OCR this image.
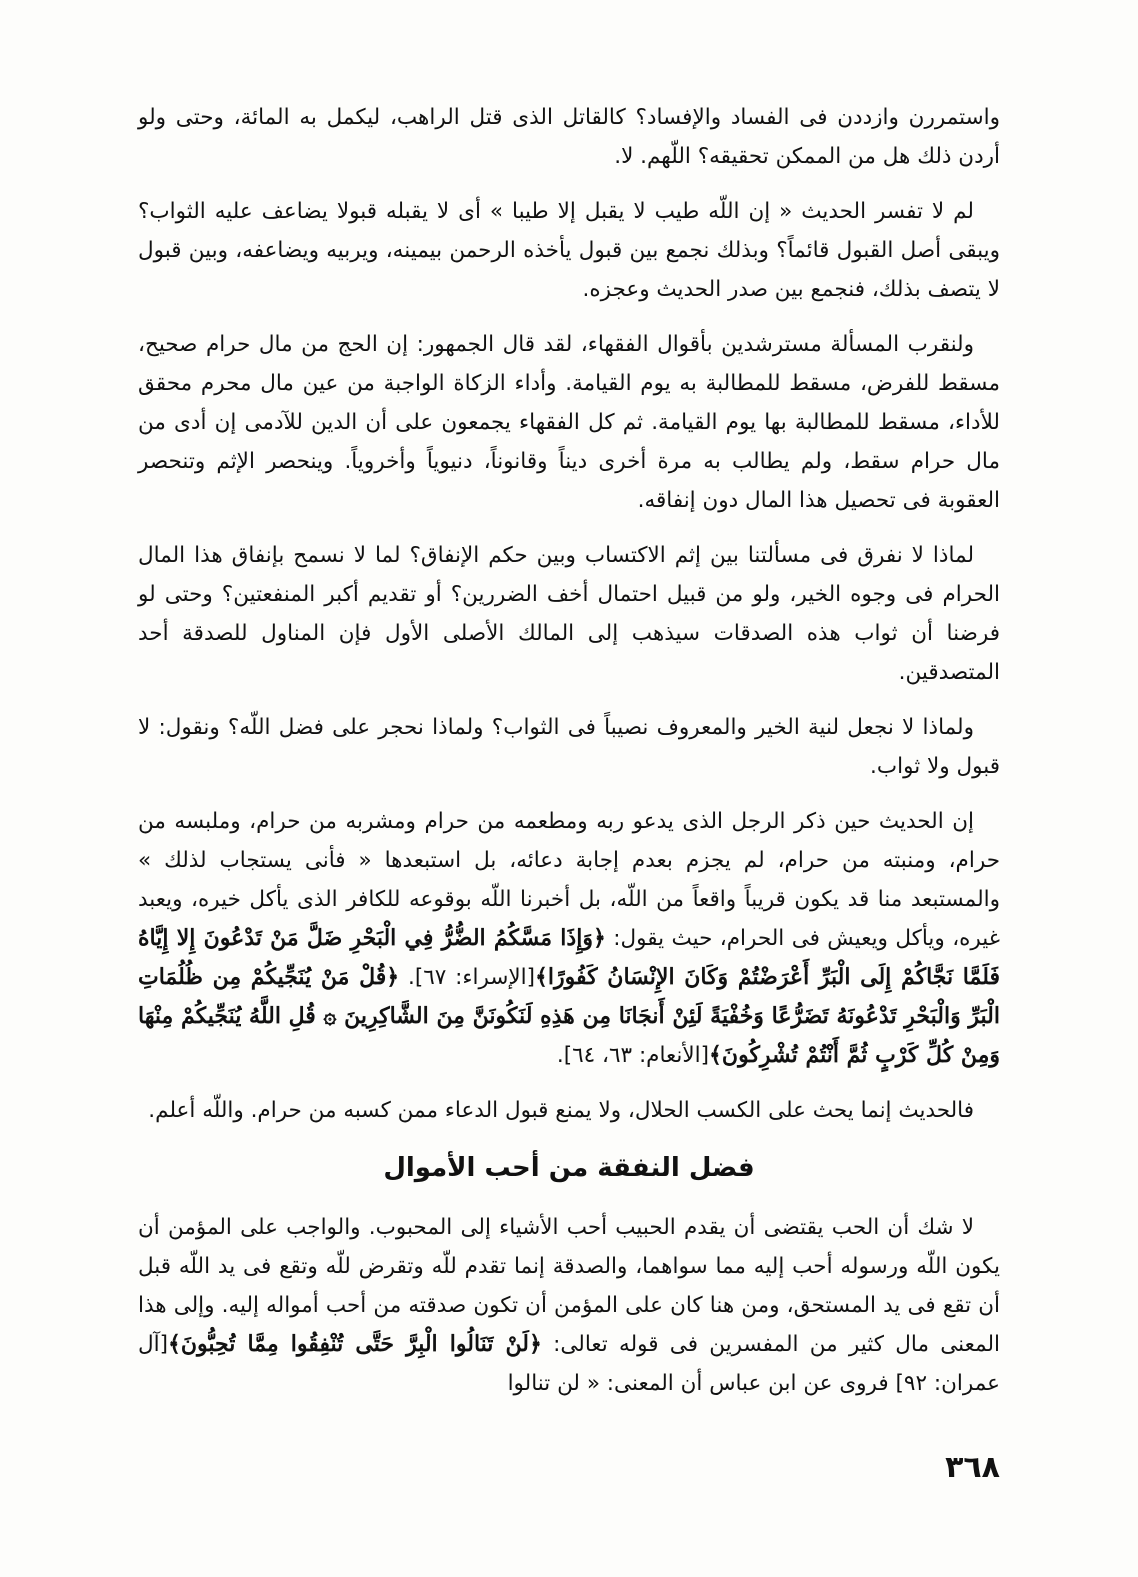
واستمررن وازددن فى الفساد والإفساد؟ كالقاتل الذى قتل الراهب، ليكمل به المائة، وحتى ولو أردن ذلك هل من الممكن تحقيقه؟ اللّهم. لا.

لم لا تفسر الحديث « إن اللّه طيب لا يقبل إلا طيبا » أى لا يقبله قبولا يضاعف عليه الثواب؟ ويبقى أصل القبول قائماً؟ وبذلك نجمع بين قبول يأخذه الرحمن بيمينه، ويربيه ويضاعفه، وبين قبول لا يتصف بذلك، فنجمع بين صدر الحديث وعجزه.

ولنقرب المسألة مسترشدين بأقوال الفقهاء، لقد قال الجمهور: إن الحج من مال حرام صحيح، مسقط للفرض، مسقط للمطالبة به يوم القيامة. وأداء الزكاة الواجبة من عين مال محرم محقق للأداء، مسقط للمطالبة بها يوم القيامة. ثم كل الفقهاء يجمعون على أن الدين للآدمى إن أدى من مال حرام سقط، ولم يطالب به مرة أخرى ديناً وقانوناً، دنيوياً وأخروياً. وينحصر الإثم وتنحصر العقوبة فى تحصيل هذا المال دون إنفاقه.

لماذا لا نفرق فى مسألتنا بين إثم الاكتساب وبين حكم الإنفاق؟ لما لا نسمح بإنفاق هذا المال الحرام فى وجوه الخير، ولو من قبيل احتمال أخف الضررين؟ أو تقديم أكبر المنفعتين؟ وحتى لو فرضنا أن ثواب هذه الصدقات سيذهب إلى المالك الأصلى الأول فإن المناول للصدقة أحد المتصدقين.

ولماذا لا نجعل لنية الخير والمعروف نصيباً فى الثواب؟ ولماذا نحجر على فضل اللّه؟ ونقول: لا قبول ولا ثواب.

إن الحديث حين ذكر الرجل الذى يدعو ربه ومطعمه من حرام ومشربه من حرام، وملبسه من حرام، ومنبته من حرام، لم يجزم بعدم إجابة دعائه، بل استبعدها « فأنى يستجاب لذلك » والمستبعد منا قد يكون قريباً واقعاً من اللّه، بل أخبرنا اللّه بوقوعه للكافر الذى يأكل خيره، ويعبد غيره، ويأكل ويعيش فى الحرام، حيث يقول: ﴿وَإِذَا مَسَّكُمُ الضُّرُّ فِي الْبَحْرِ ضَلَّ مَنْ تَدْعُونَ إِلا إِيَّاهُ فَلَمَّا نَجَّاكُمْ إِلَى الْبَرِّ أَعْرَضْتُمْ وَكَانَ الإِنْسَانُ كَفُورًا﴾[الإسراء: ٦٧]. ﴿قُلْ مَنْ يُنَجِّيكُمْ مِن ظُلُمَاتِ الْبَرِّ وَالْبَحْرِ تَدْعُونَهُ تَضَرُّعًا وَخُفْيَةً لَئِنْ أَنجَانَا مِن هَذِهِ لَنَكُونَنَّ مِنَ الشَّاكِرِينَ ۞ قُلِ اللَّهُ يُنَجِّيكُمْ مِنْهَا وَمِنْ كُلِّ كَرْبٍ ثُمَّ أَنْتُمْ تُشْرِكُونَ﴾[الأنعام: ٦٣، ٦٤].

فالحديث إنما يحث على الكسب الحلال، ولا يمنع قبول الدعاء ممن كسبه من حرام. واللّه أعلم.

فضل النفقة من أحب الأموال

لا شك أن الحب يقتضى أن يقدم الحبيب أحب الأشياء إلى المحبوب. والواجب على المؤمن أن يكون اللّه ورسوله أحب إليه مما سواهما، والصدقة إنما تقدم للّه وتقرض للّه وتقع فى يد اللّه قبل أن تقع فى يد المستحق، ومن هنا كان على المؤمن أن تكون صدقته من أحب أمواله إليه. وإلى هذا المعنى مال كثير من المفسرين فى قوله تعالى: ﴿لَنْ تَنَالُوا الْبِرَّ حَتَّى تُنْفِقُوا مِمَّا تُحِبُّونَ﴾[آل عمران: ٩٢] فروى عن ابن عباس أن المعنى: « لن تنالوا

٣٦٨
